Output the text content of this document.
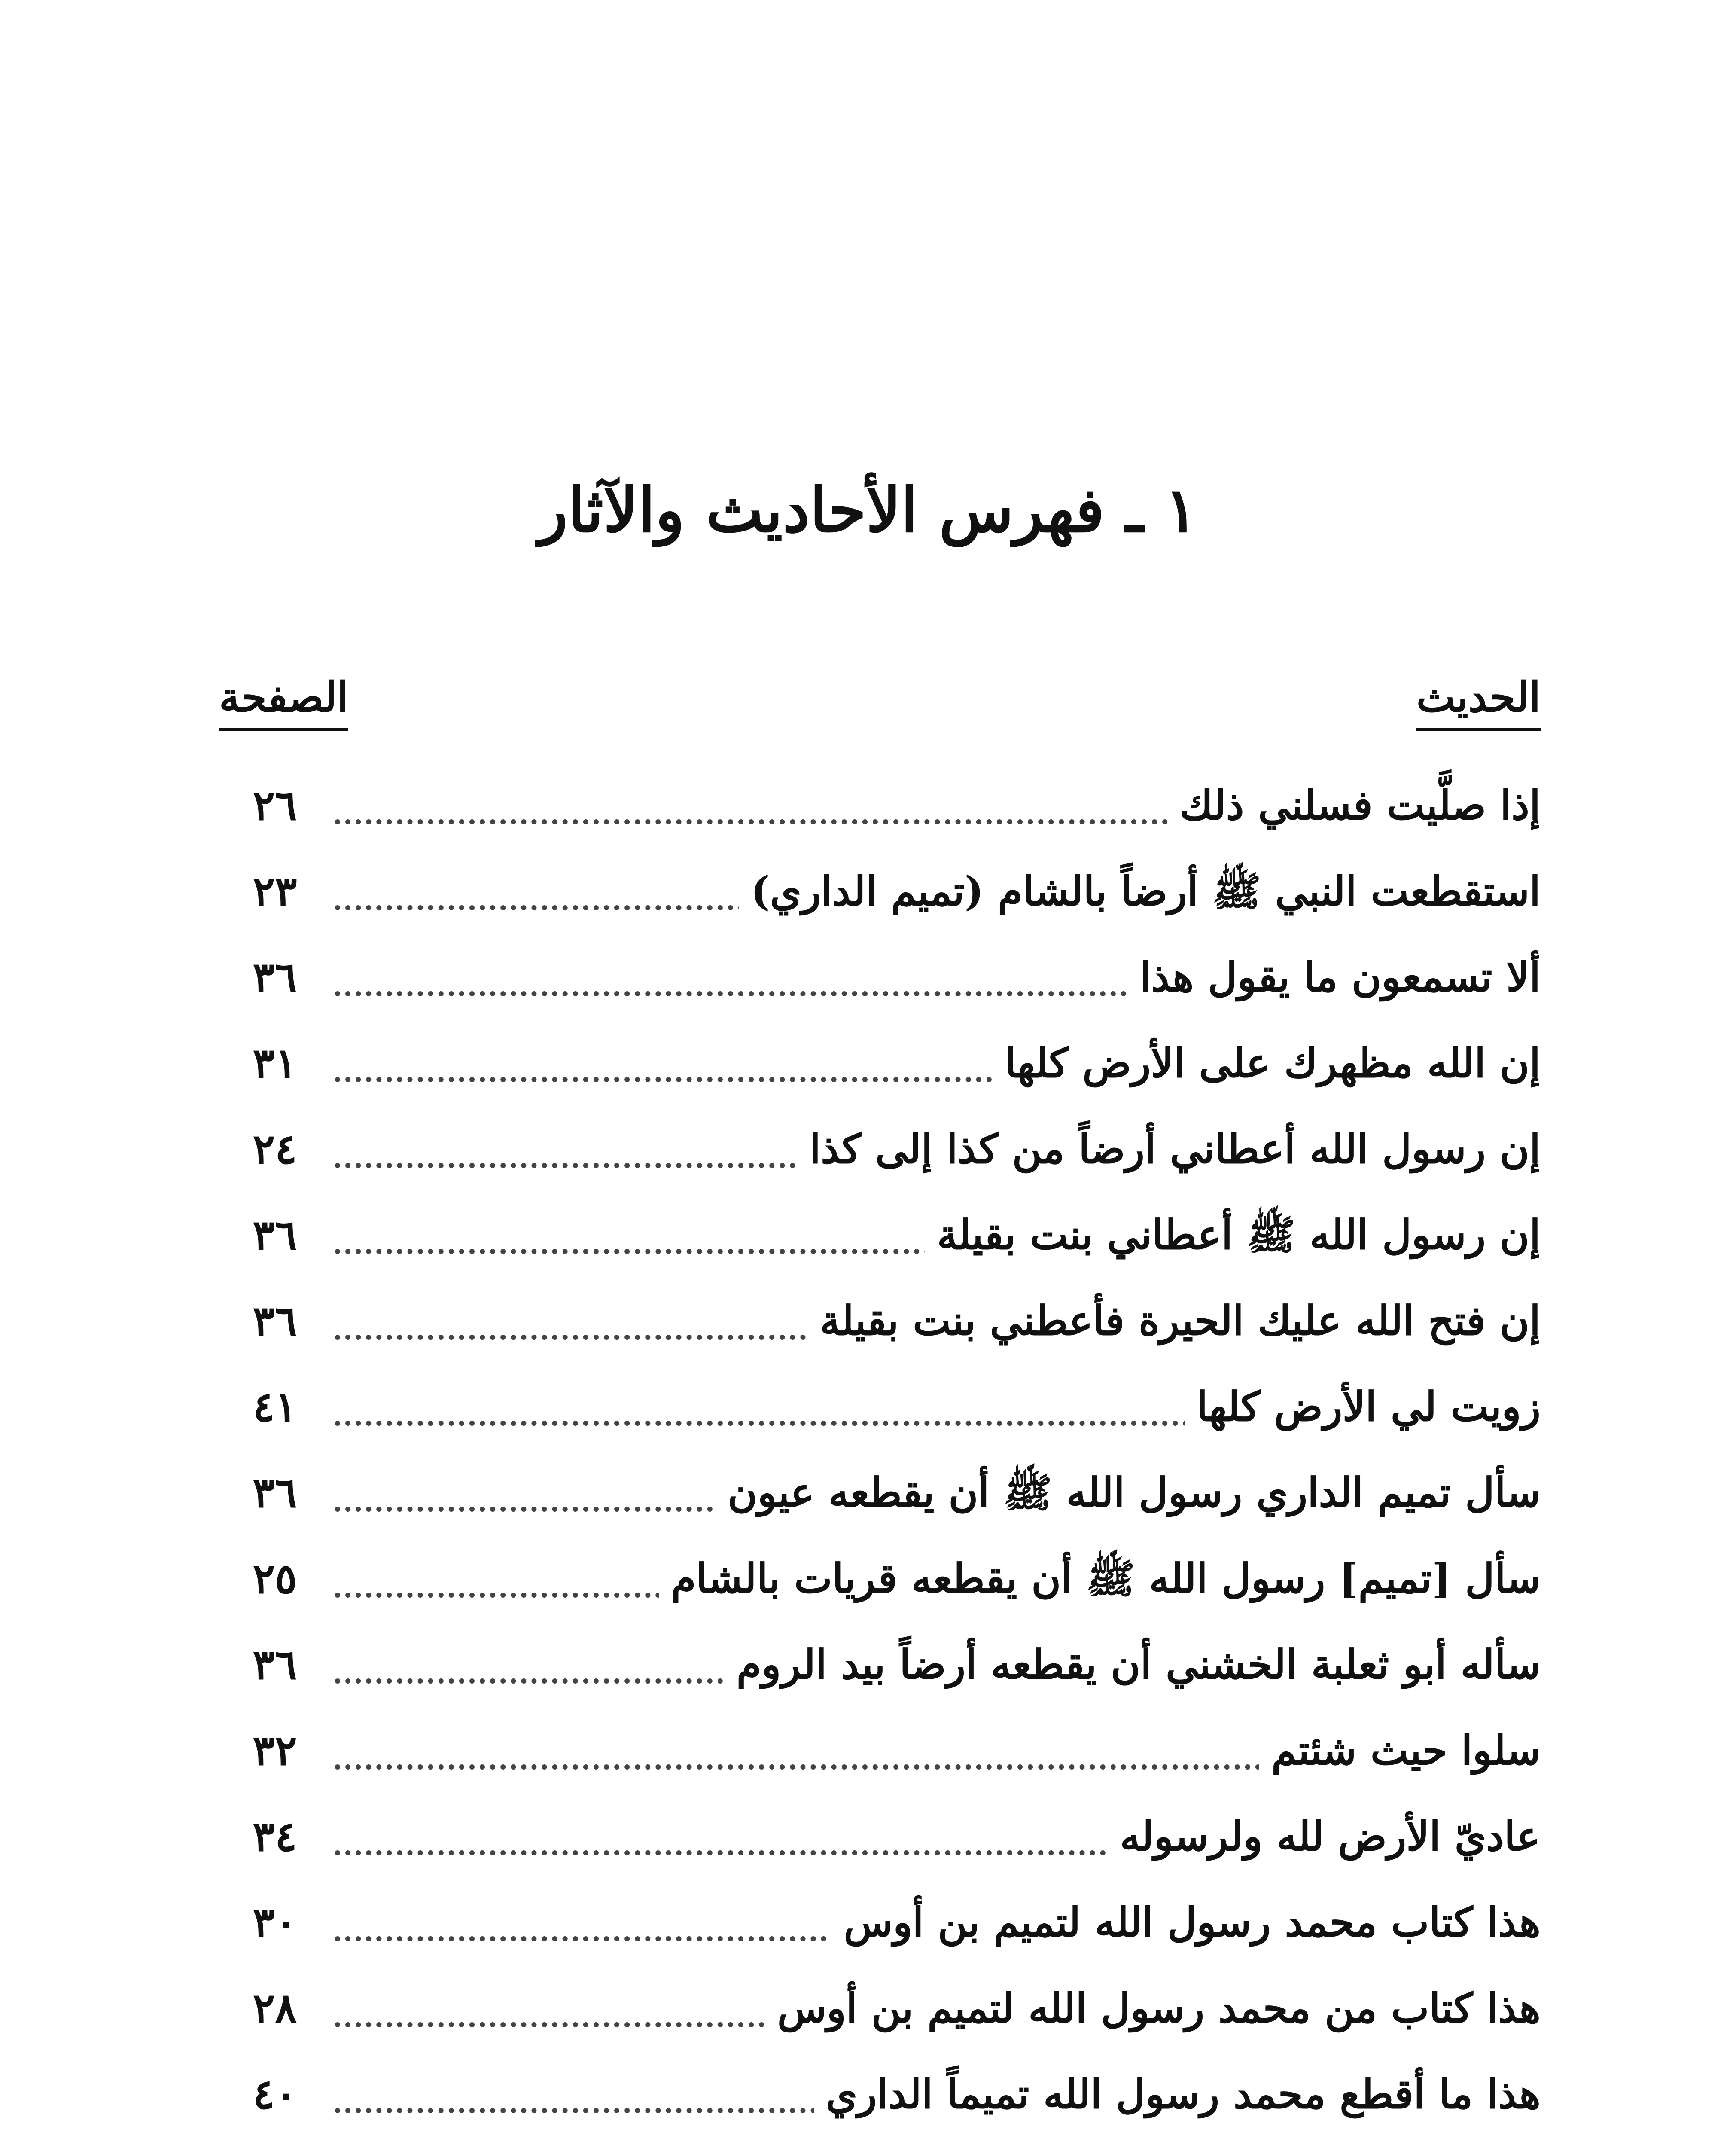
١ ـ فهرس الأحاديث والآثار
الحديث
الصفحة
إذا صلَّيت فسلني ذلك
٢٦
استقطعت النبي ﷺ أرضاً بالشام (تميم الداري)
٢٣
ألا تسمعون ما يقول هذا
٣٦
إن الله مظهرك على الأرض كلها
٣١
إن رسول الله أعطاني أرضاً من كذا إلى كذا
٢٤
إن رسول الله ﷺ أعطاني بنت بقيلة
٣٦
إن فتح الله عليك الحيرة فأعطني بنت بقيلة
٣٦
زويت لي الأرض كلها
٤١
سأل تميم الداري رسول الله ﷺ أن يقطعه عيون
٣٦
سأل [تميم] رسول الله ﷺ أن يقطعه قريات بالشام
٢٥
سأله أبو ثعلبة الخشني أن يقطعه أرضاً بيد الروم
٣٦
سلوا حيث شئتم
٣٢
عاديّ الأرض لله ولرسوله
٣٤
هذا كتاب محمد رسول الله لتميم بن أوس
٣٠
هذا كتاب من محمد رسول الله لتميم بن أوس
٢٨
هذا ما أقطع محمد رسول الله تميماً الداري
٤٠
